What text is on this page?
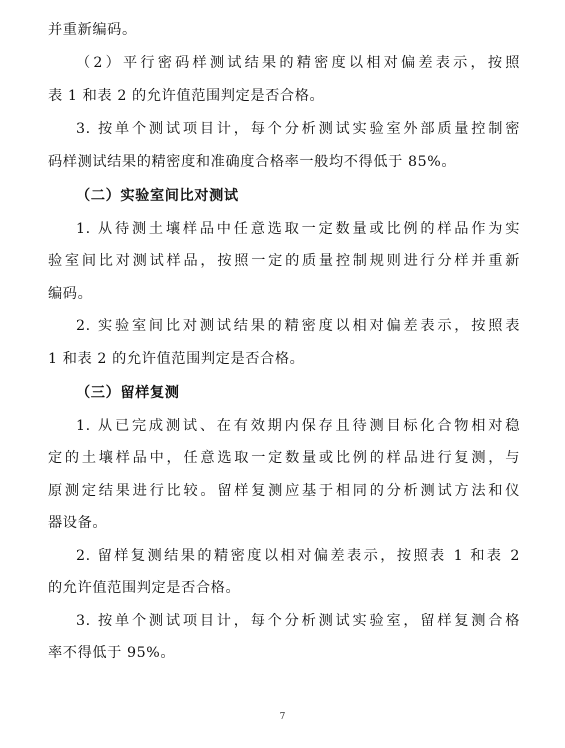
并重新编码。
（2）平行密码样测试结果的精密度以相对偏差表示，按照
表 1 和表 2 的允许值范围判定是否合格。
3. 按单个测试项目计，每个分析测试实验室外部质量控制密
码样测试结果的精密度和准确度合格率一般均不得低于 85%。
（二）实验室间比对测试
1. 从待测土壤样品中任意选取一定数量或比例的样品作为实
验室间比对测试样品，按照一定的质量控制规则进行分样并重新
编码。
2. 实验室间比对测试结果的精密度以相对偏差表示，按照表
1 和表 2 的允许值范围判定是否合格。
（三）留样复测
1. 从已完成测试、在有效期内保存且待测目标化合物相对稳
定的土壤样品中，任意选取一定数量或比例的样品进行复测，与
原测定结果进行比较。留样复测应基于相同的分析测试方法和仪
器设备。
2. 留样复测结果的精密度以相对偏差表示，按照表 1 和表 2
的允许值范围判定是否合格。
3. 按单个测试项目计，每个分析测试实验室，留样复测合格
率不得低于 95%。
7
